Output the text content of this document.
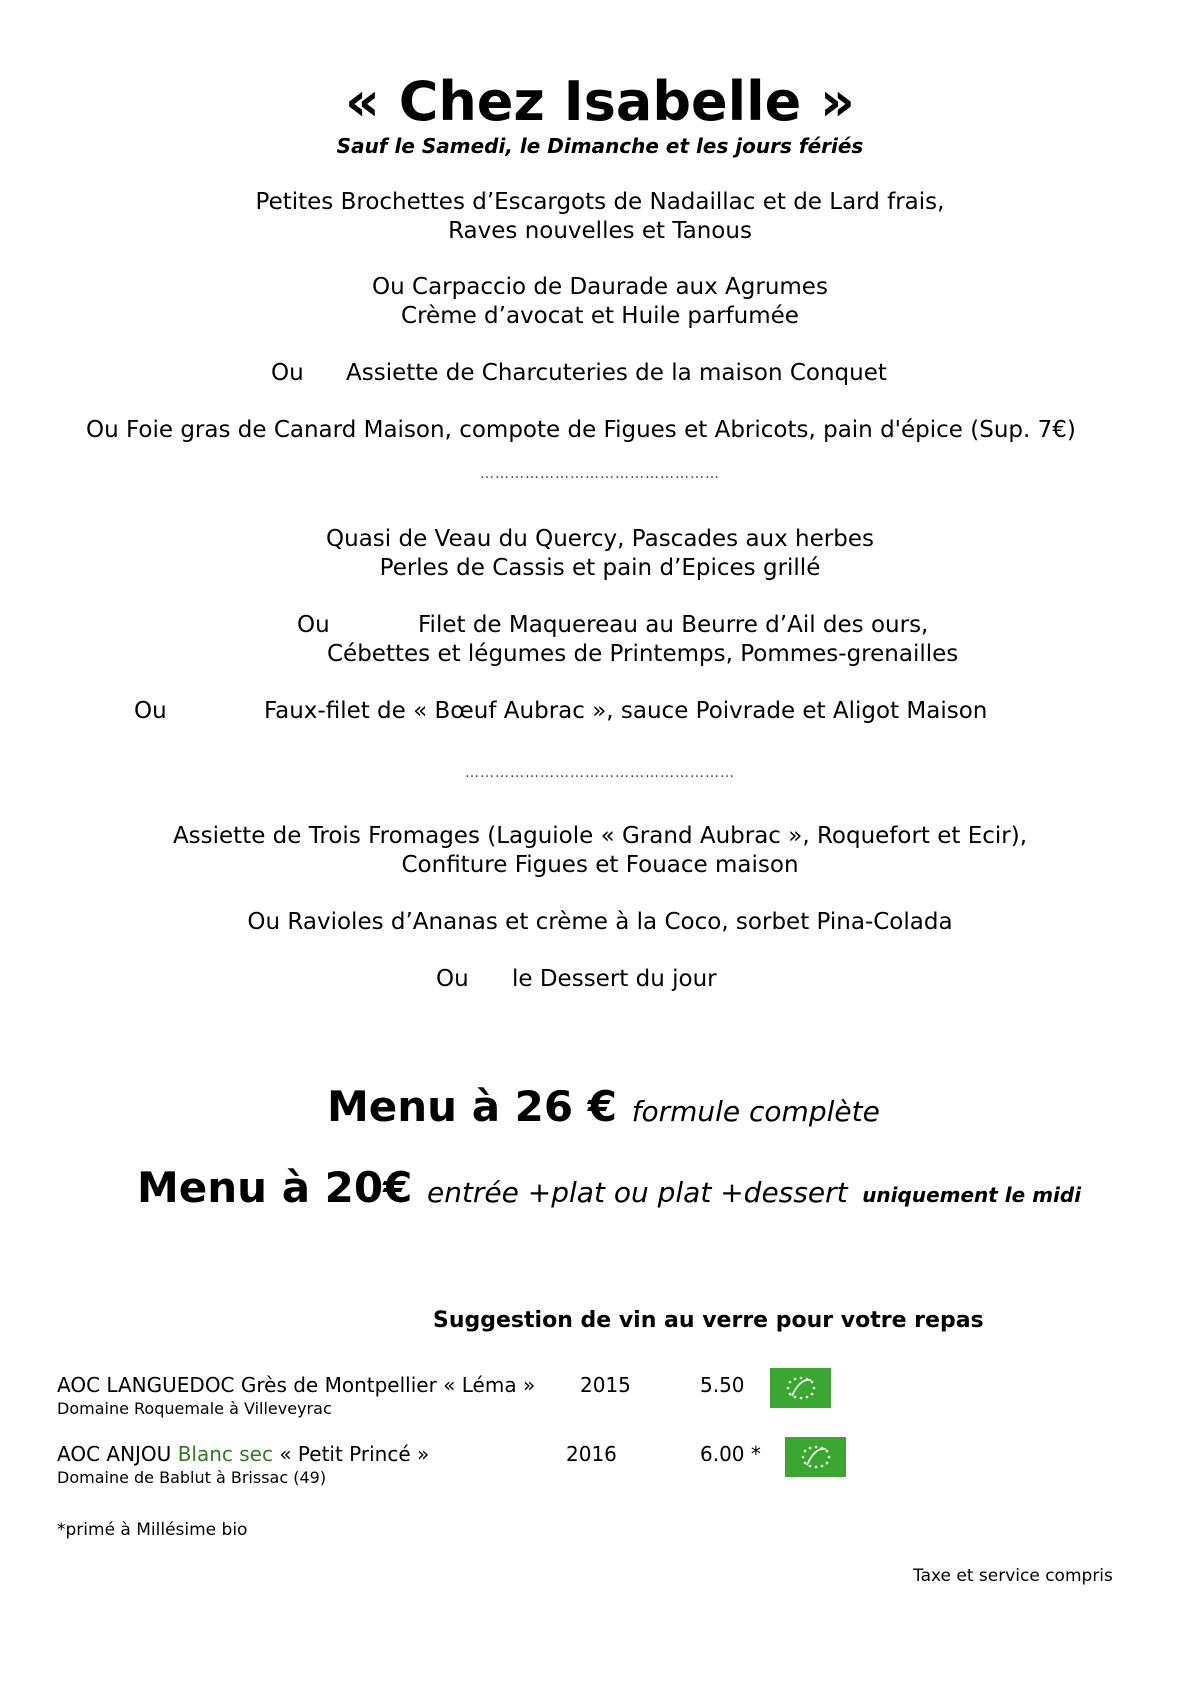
« Chez Isabelle »
Sauf le Samedi, le Dimanche et les jours fériés
Petites Brochettes d’Escargots de Nadaillac et de Lard frais,
Raves nouvelles et Tanous
Ou Carpaccio de Daurade aux Agrumes
Crème d’avocat et Huile parfumée
Ou Assiette de Charcuteries de la maison Conquet
Ou Foie gras de Canard Maison, compote de Figues et Abricots, pain d'épice (Sup. 7€)
…………………………………………
Quasi de Veau du Quercy, Pascades aux herbes
Perles de Cassis et pain d’Epices grillé
Ou	Filet de Maquereau au Beurre d’Ail des ours,
Cébettes et légumes de Printemps, Pommes-grenailles
Ou	Faux-filet de « Bœuf Aubrac », sauce Poivrade et Aligot Maison
………………………………………………
Assiette de Trois Fromages (Laguiole « Grand Aubrac », Roquefort et Ecir),
Confiture Figues et Fouace maison
Ou Ravioles d’Ananas et crème à la Coco, sorbet Pina-Colada
Ou le Dessert du jour
Menu à 26 € formule complète
Menu à 20€ entrée +plat ou plat +dessert uniquement le midi
Suggestion de vin au verre pour votre repas
AOC LANGUEDOC Grès de Montpellier « Léma » 2015	5.50
Domaine Roquemale à Villeveyrac
AOC ANJOU Blanc sec « Petit Princé »	2016	6.00 *
Domaine de Bablut à Brissac (49)
*primé à Millésime bio
Taxe et service compris
